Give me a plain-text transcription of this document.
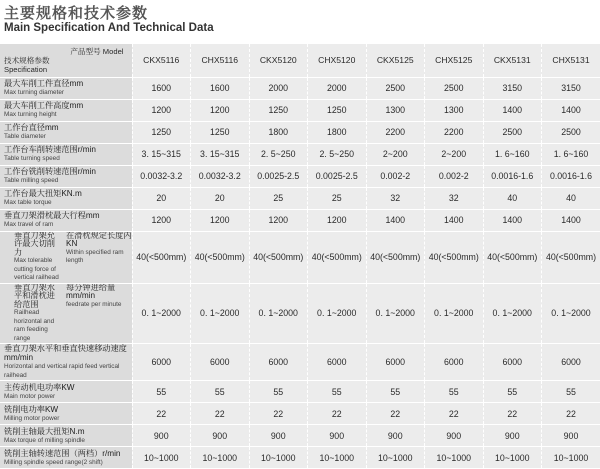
主要规格和技术参数
Main Specification And Technical Data
产品型号 Model
技术规格参数
Specification	CKX5116	CHX5116	CKX5120	CHX5120	CKX5125	CHX5125	CKX5131	CHX5131

最大车削工件直径mm
Max turning diameter	1600	1600	2000	2000	2500	2500	3150	3150

最大车削工件高度mm
Max turning height	1200	1200	1250	1250	1300	1300	1400	1400

工作台直径mm
Table diameter	1250	1250	1800	1800	2200	2200	2500	2500

工作台车削转速范围r/min
Table turning speed	3. 15~315	3. 15~315	2. 5~250	2. 5~250	2~200	2~200	1. 6~160	1. 6~160

工作台铣削转速范围r/min
Table milling speed	0.0032-3.2	0.0032-3.2	0.0025-2.5	0.0025-2.5	0.002-2	0.002-2	0.0016-1.6	0.0016-1.6

工作台最大扭矩KN.m
Max table torque	20	20	25	25	32	32	40	40

垂直刀架滑枕最大行程mm
Max travel of ram	1200	1200	1200	1200	1400	1400	1400	1400

垂直刀架允许最大切削力
Max tolerable cutting force of vertical railhead
在滑枕规定长度内KN
Within specified ram length	40(<500mm)	40(<500mm)	40(<500mm)	40(<500mm)	40(<500mm)	40(<500mm)	40(<500mm)	40(<500mm)

垂直刀架水平和滑枕进给范围
Railhead horizontal and ram feeding range
每分钟进给量mm/min
feedrate per minute	0. 1~2000	0. 1~2000	0. 1~2000	0. 1~2000	0. 1~2000	0. 1~2000	0. 1~2000	0. 1~2000

垂直刀架水平和垂直快速移动速度mm/min
Horizontal and vertical rapid feed vertical railhead	6000	6000	6000	6000	6000	6000	6000	6000

主传动机电功率KW
Main motor power	55	55	55	55	55	55	55	55

铣削电功率KW
Milling motor power	22	22	22	22	22	22	22	22

铣削主轴最大扭矩N.m
Max torque of milling spindle	900	900	900	900	900	900	900	900

铣削主轴转速范围（两档）r/min
Milling spindle speed range(2 shift)	10~1000	10~1000	10~1000	10~1000	10~1000	10~1000	10~1000	10~1000
